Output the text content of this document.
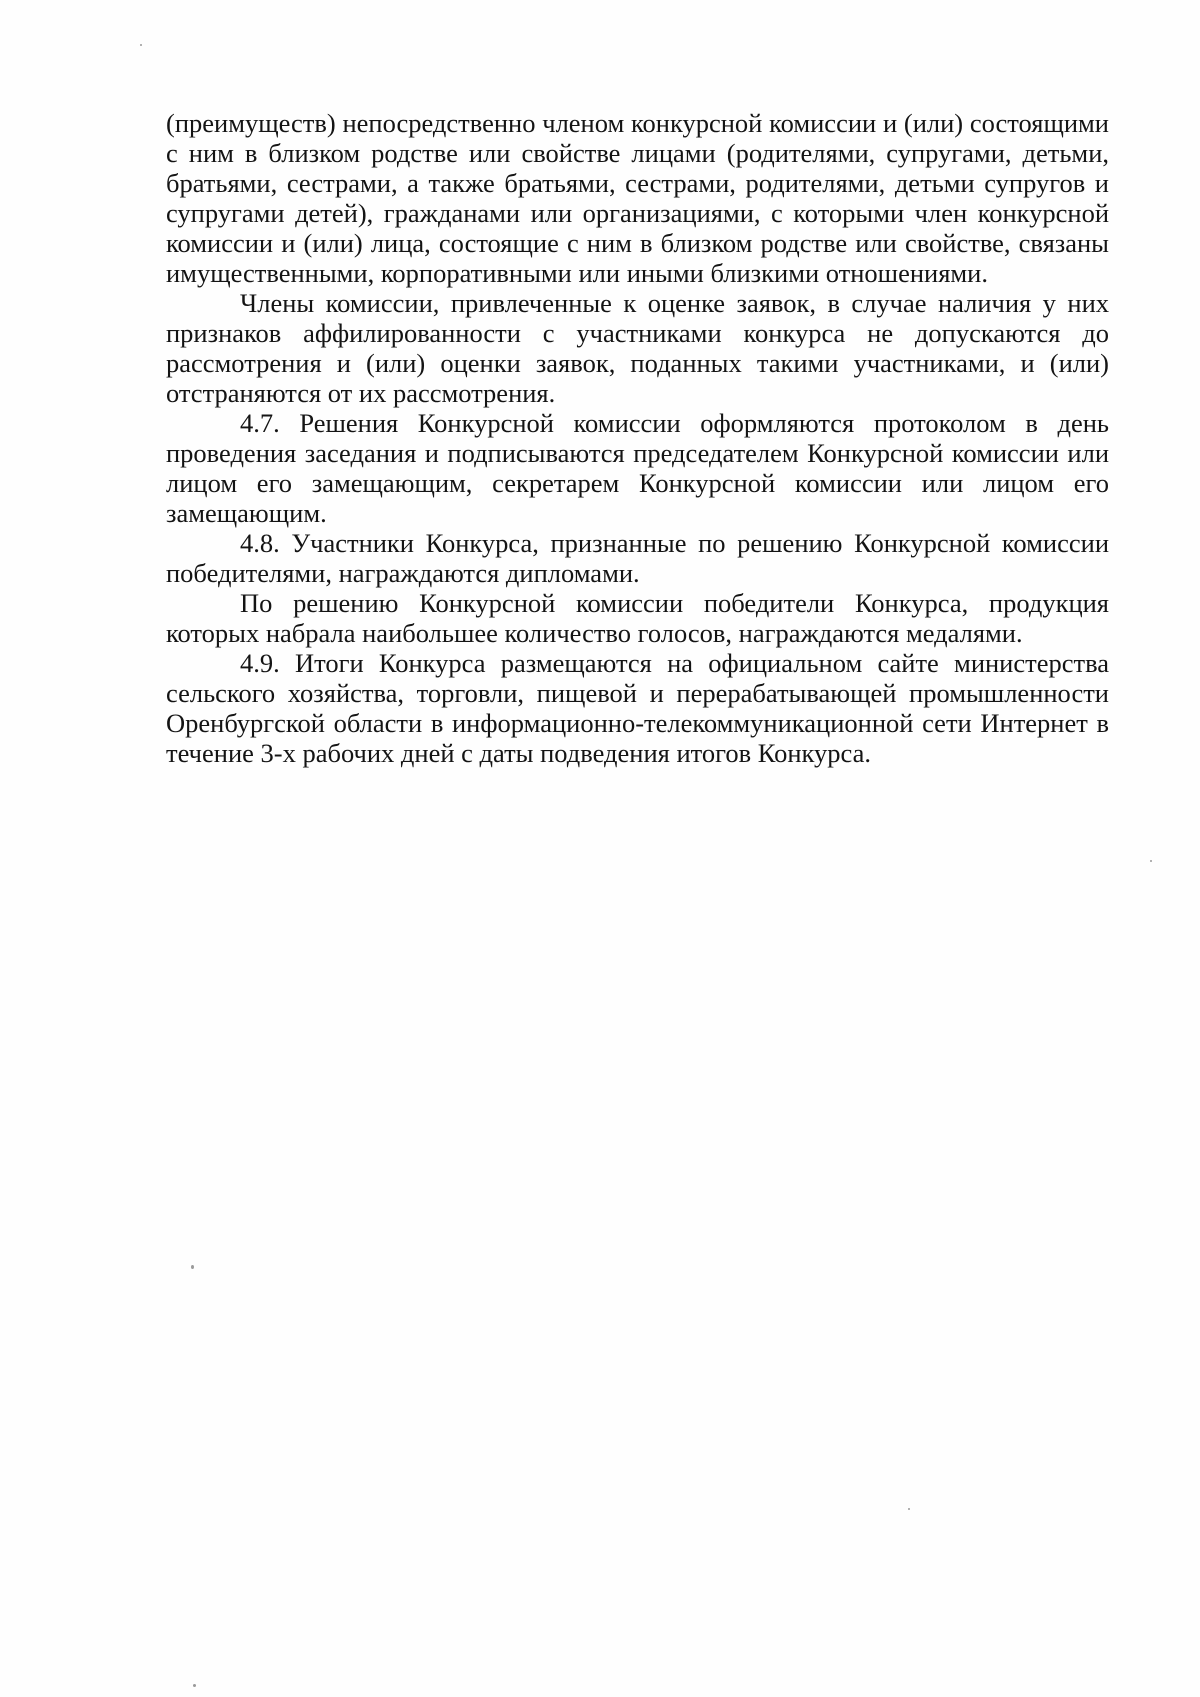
(преимуществ) непосредственно членом конкурсной комиссии и (или) состоящими с ним в близком родстве или свойстве лицами (родителями, супругами, детьми, братьями, сестрами, а также братьями, сестрами, родителями, детьми супругов и супругами детей), гражданами или организациями, с которыми член конкурсной комиссии и (или) лица, состоящие с ним в близком родстве или свойстве, связаны имущественными, корпоративными или иными близкими отношениями.

Члены комиссии, привлеченные к оценке заявок, в случае наличия у них признаков аффилированности с участниками конкурса не допускаются до рассмотрения и (или) оценки заявок, поданных такими участниками, и (или) отстраняются от их рассмотрения.

4.7. Решения Конкурсной комиссии оформляются протоколом в день проведения заседания и подписываются председателем Конкурсной комиссии или лицом его замещающим, секретарем Конкурсной комиссии или лицом его замещающим.

4.8. Участники Конкурса, признанные по решению Конкурсной комиссии победителями, награждаются дипломами.

По решению Конкурсной комиссии победители Конкурса, продукция которых набрала наибольшее количество голосов, награждаются медалями.

4.9. Итоги Конкурса размещаются на официальном сайте министерства сельского хозяйства, торговли, пищевой и перерабатывающей промышленности Оренбургской области в информационно-телекоммуникационной сети Интернет в течение 3-х рабочих дней с даты подведения итогов Конкурса.
